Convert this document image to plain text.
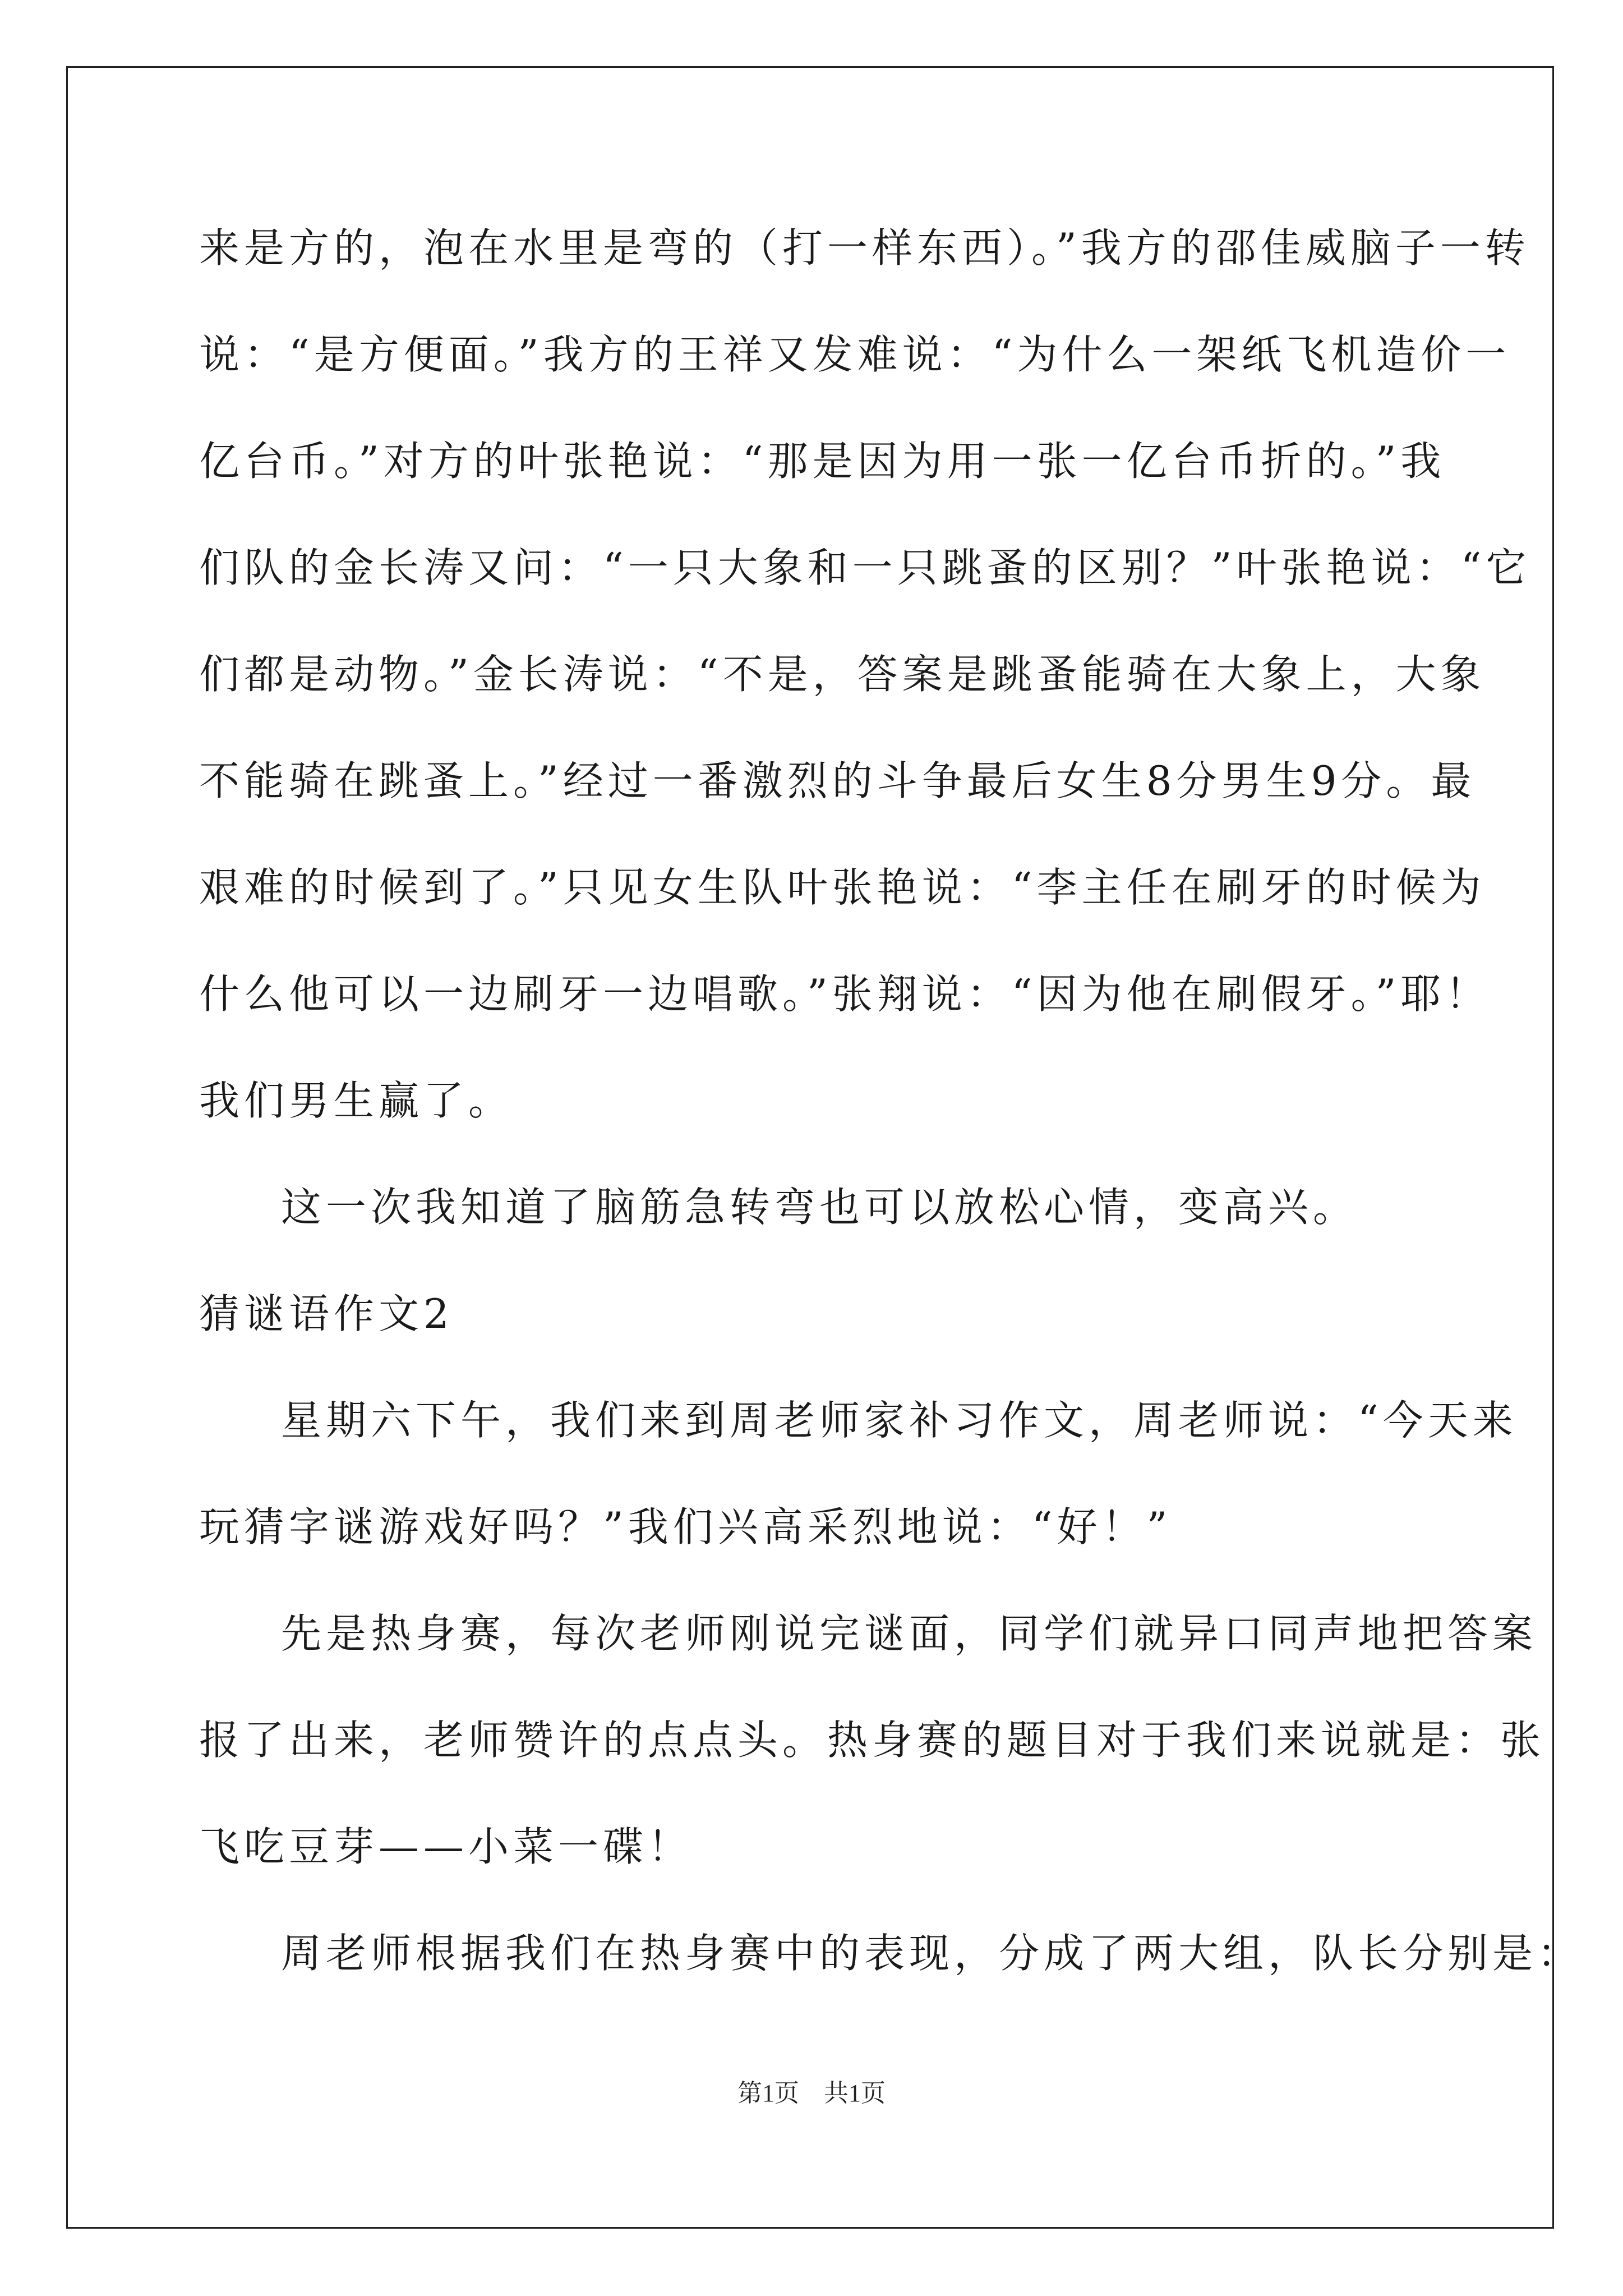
来是方的，泡在水里是弯的（打一样东西）。”我方的邵佳威脑子一转
说：“是方便面。”我方的王祥又发难说：“为什么一架纸飞机造价一
亿台币。”对方的叶张艳说：“那是因为用一张一亿台币折的。”我
们队的金长涛又问：“一只大象和一只跳蚤的区别？”叶张艳说：“它
们都是动物。”金长涛说：“不是，答案是跳蚤能骑在大象上，大象
不能骑在跳蚤上。”经过一番激烈的斗争最后女生8分男生9分。最
艰难的时候到了。”只见女生队叶张艳说：“李主任在刷牙的时候为
什么他可以一边刷牙一边唱歌。”张翔说：“因为他在刷假牙。”耶！
我们男生赢了。
这一次我知道了脑筋急转弯也可以放松心情，变高兴。
猜谜语作文2
星期六下午，我们来到周老师家补习作文，周老师说：“今天来
玩猜字谜游戏好吗？”我们兴高采烈地说：“好！”
先是热身赛，每次老师刚说完谜面，同学们就异口同声地把答案
报了出来，老师赞许的点点头。热身赛的题目对于我们来说就是：张
飞吃豆芽——小菜一碟！
周老师根据我们在热身赛中的表现，分成了两大组，队长分别是：
第1页　共1页
